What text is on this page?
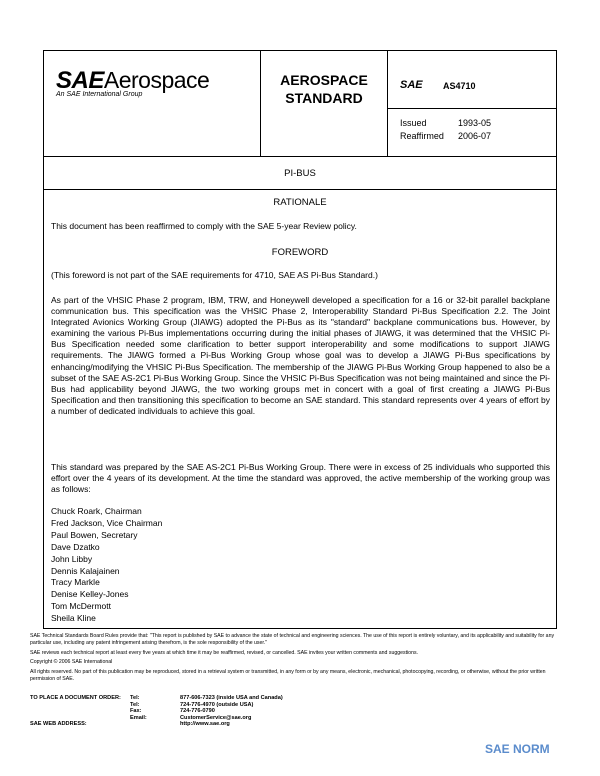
SAEAerospace
An SAE International Group
AEROSPACE
STANDARD
SAE AS4710
Issued	1993-05
Reaffirmed	2006-07
PI-BUS
RATIONALE
This document has been reaffirmed to comply with the SAE 5-year Review policy.
FOREWORD
(This foreword is not part of the SAE requirements for 4710, SAE AS Pi-Bus Standard.)
As part of the VHSIC Phase 2 program, IBM, TRW, and Honeywell developed a specification for a 16 or 32-bit parallel backplane communication bus. This specification was the VHSIC Phase 2, Interoperability Standard Pi-Bus Specification 2.2. The Joint Integrated Avionics Working Group (JIAWG) adopted the Pi-Bus as its "standard" backplane communications bus. However, by examining the various Pi-Bus implementations occurring during the initial phases of JIAWG, it was determined that the VHSIC Pi-Bus Specification needed some clarification to better support interoperability and some modifications to support JIAWG requirements. The JIAWG formed a Pi-Bus Working Group whose goal was to develop a JIAWG Pi-Bus specifications by enhancing/modifying the VHSIC Pi-Bus Specification. The membership of the JIAWG Pi-Bus Working Group happened to also be a subset of the SAE AS-2C1 Pi-Bus Working Group. Since the VHSIC Pi-Bus Specification was not being maintained and since the Pi-Bus had applicability beyond JIAWG, the two working groups met in concert with a goal of first creating a JIAWG Pi-Bus Specification and then transitioning this specification to become an SAE standard. This standard represents over 4 years of effort by a number of dedicated individuals to achieve this goal.
This standard was prepared by the SAE AS-2C1 Pi-Bus Working Group. There were in excess of 25 individuals who supported this effort over the 4 years of its development. At the time the standard was approved, the active membership of the working group was as follows:
Chuck Roark, Chairman
Fred Jackson, Vice Chairman
Paul Bowen, Secretary
Dave Dzatko
John Libby
Dennis Kalajainen
Tracy Markle
Denise Kelley-Jones
Tom McDermott
Sheila Kline

SAE Technical Standards Board Rules provide that: "This report is published by SAE to advance the state of technical and engineering sciences. The use of this report is entirely voluntary, and its applicability and suitability for any particular use, including any patent infringement arising therefrom, is the sole responsibility of the user."

SAE reviews each technical report at least every five years at which time it may be reaffirmed, revised, or cancelled. SAE invites your written comments and suggestions.

Copyright © 2006 SAE International

All rights reserved. No part of this publication may be reproduced, stored in a retrieval system or transmitted, in any form or by any means, electronic, mechanical, photocopying, recording, or otherwise, without the prior written permission of SAE.

TO PLACE A DOCUMENT ORDER:	Tel:	877-606-7323 (inside USA and Canada)
Tel:	724-776-4970 (outside USA)
Fax:	724-776-0790
Email:	CustomerService@sae.org
SAE WEB ADDRESS:	http://www.sae.org
SAE NORM
